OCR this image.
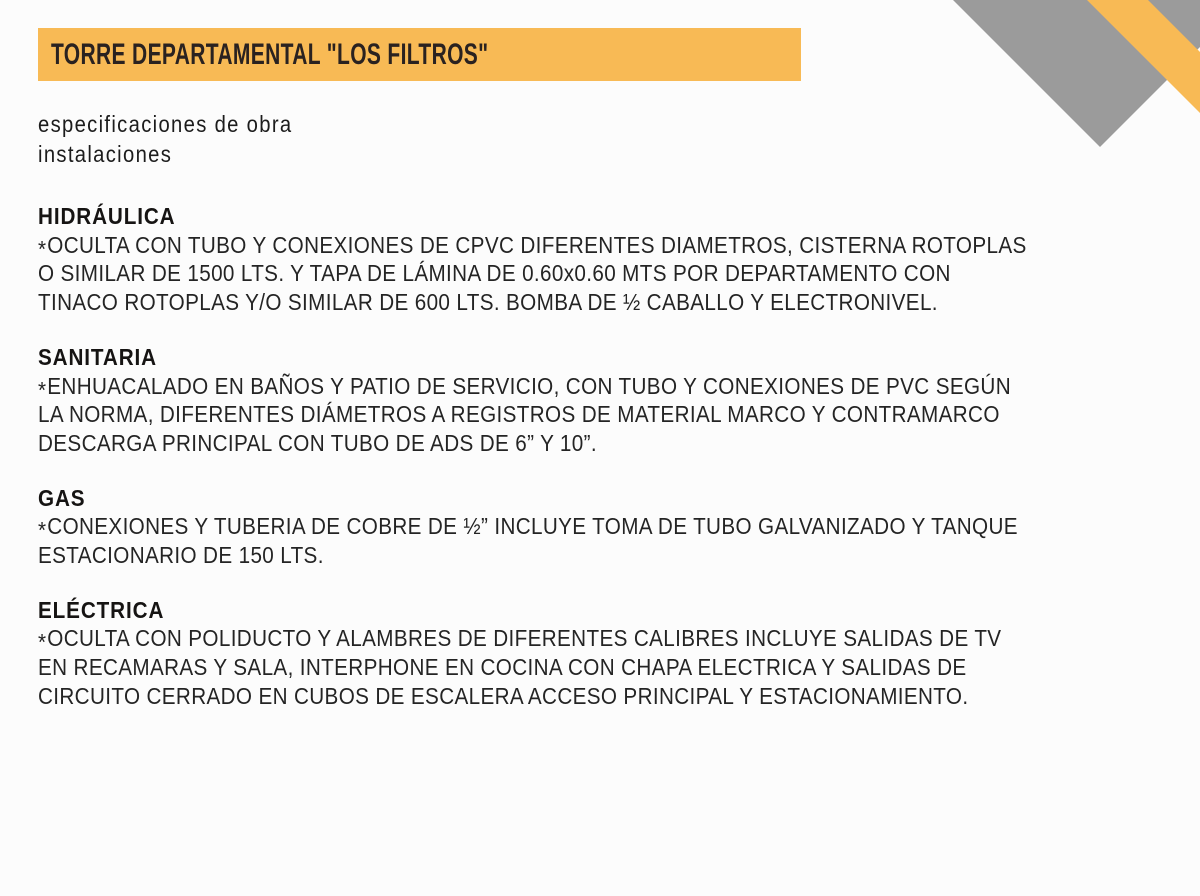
TORRE DEPARTAMENTAL "LOS FILTROS"
especificaciones de obra
instalaciones
HIDRÁULICA
*OCULTA CON TUBO Y CONEXIONES DE CPVC DIFERENTES DIAMETROS, CISTERNA ROTOPLAS
O SIMILAR DE 1500 LTS. Y TAPA DE LÁMINA DE 0.60x0.60 MTS POR DEPARTAMENTO CON
TINACO ROTOPLAS Y/O SIMILAR DE 600 LTS. BOMBA DE ½ CABALLO Y ELECTRONIVEL.
SANITARIA
*ENHUACALADO EN BAÑOS Y PATIO DE SERVICIO, CON TUBO Y CONEXIONES DE PVC SEGÚN
LA NORMA, DIFERENTES DIÁMETROS A REGISTROS DE MATERIAL MARCO Y CONTRAMARCO
DESCARGA PRINCIPAL CON TUBO DE ADS DE 6” Y 10”.
GAS
*CONEXIONES Y TUBERIA DE COBRE DE ½” INCLUYE TOMA DE TUBO GALVANIZADO Y TANQUE
ESTACIONARIO DE 150 LTS.
ELÉCTRICA
*OCULTA CON POLIDUCTO Y ALAMBRES DE DIFERENTES CALIBRES INCLUYE SALIDAS DE TV
EN RECAMARAS Y SALA, INTERPHONE EN COCINA CON CHAPA ELECTRICA Y SALIDAS DE
CIRCUITO CERRADO EN CUBOS DE ESCALERA ACCESO PRINCIPAL Y ESTACIONAMIENTO.
